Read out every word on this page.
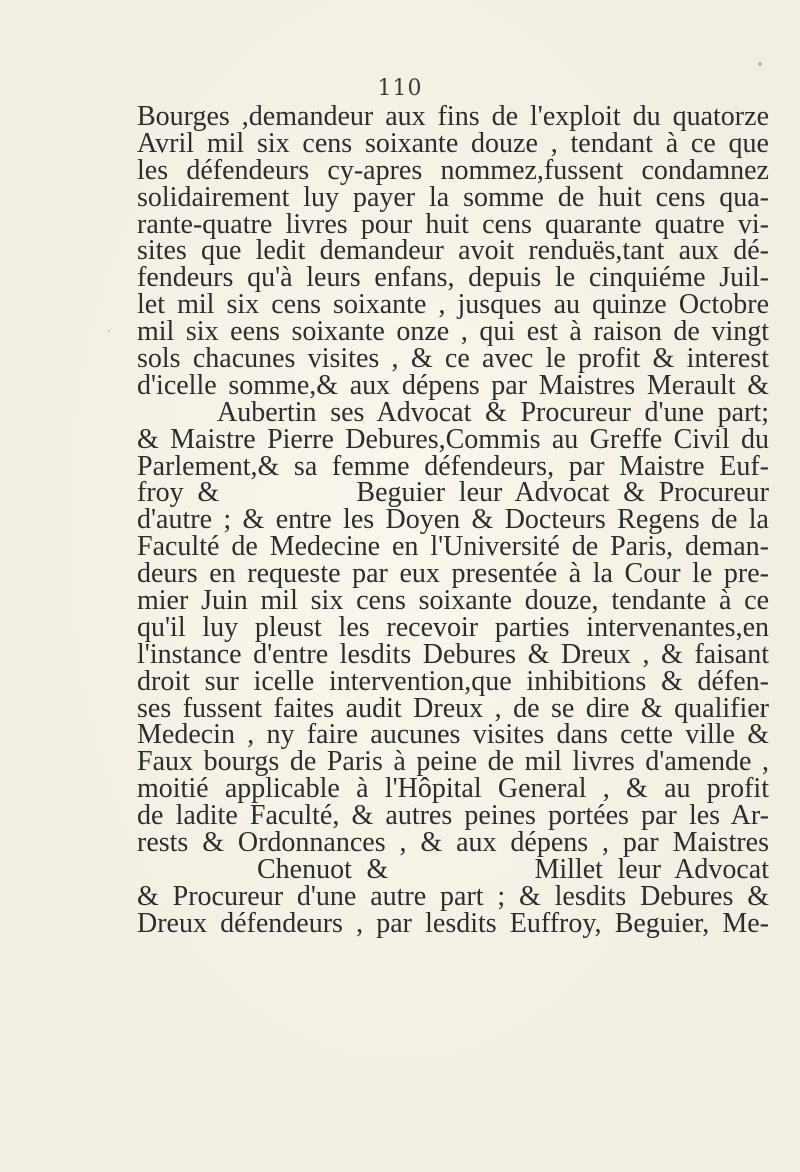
110
Bourges ,demandeur aux fins de l'exploit du quatorze
Avril mil six cens soixante douze , tendant à ce que
les défendeurs cy-apres nommez,fussent condamnez
solidairement luy payer la somme de huit cens qua-
rante-quatre livres pour huit cens quarante quatre vi-
sites que ledit demandeur avoit renduës,tant aux dé-
fendeurs qu'à leurs enfans, depuis le cinquiéme Juil-
let mil six cens soixante , jusques au quinze Octobre
mil six eens soixante onze , qui est à raison de vingt
sols chacunes visites , & ce avec le profit & interest
d'icelle somme,& aux dépens par Maistres Merault &
Aubertin ses Advocat & Procureur d'une part;
& Maistre Pierre Debures,Commis au Greffe Civil du
Parlement,& sa femme défendeurs, par Maistre Euf-
froy &          Beguier leur Advocat & Procureur
d'autre ; & entre les Doyen & Docteurs Regens de la
Faculté de Medecine en l'Université de Paris, deman-
deurs en requeste par eux presentée à la Cour le pre-
mier Juin mil six cens soixante douze, tendante à ce
qu'il luy pleust les recevoir parties intervenantes,en
l'instance d'entre lesdits Debures & Dreux , & faisant
droit sur icelle intervention,que inhibitions & défen-
ses fussent faites audit Dreux , de se dire & qualifier
Medecin , ny faire aucunes visites dans cette ville &
Faux bourgs de Paris à peine de mil livres d'amende ,
moitié applicable à l'Hôpital General , & au profit
de ladite Faculté, & autres peines portées par les Ar-
rests & Ordonnances , & aux dépens , par Maistres
Chenuot &          Millet leur Advocat
& Procureur d'une autre part ; & lesdits Debures &
Dreux défendeurs , par lesdits Euffroy, Beguier, Me-
